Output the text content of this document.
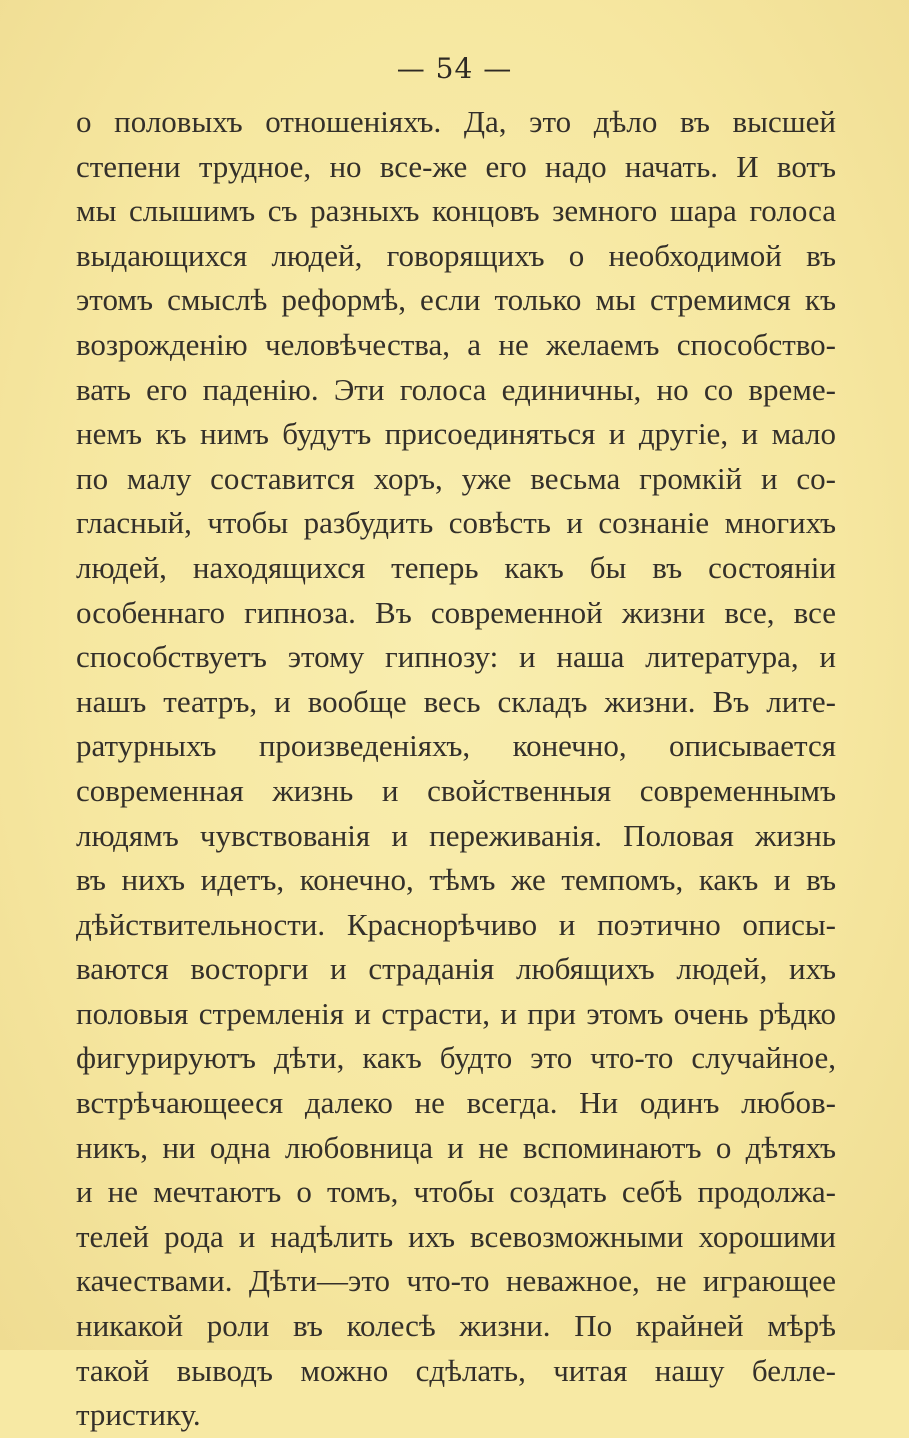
— 54 —
о половыхъ отношеніяхъ. Да, это дѣло въ высшей
степени трудное, но все-же его надо начать. И вотъ
мы слышимъ съ разныхъ концовъ земного шара голоса
выдающихся людей, говорящихъ о необходимой въ
этомъ смыслѣ реформѣ, если только мы стремимся къ
возрожденію человѣчества, а не желаемъ способство-
вать его паденію. Эти голоса единичны, но со време-
немъ къ нимъ будутъ присоединяться и другіе, и мало
по малу составится хоръ, уже весьма громкій и со-
гласный, чтобы разбудить совѣсть и сознаніе многихъ
людей, находящихся теперь какъ бы въ состояніи
особеннаго гипноза. Въ современной жизни все, все
способствуетъ этому гипнозу: и наша литература, и
нашъ театръ, и вообще весь складъ жизни. Въ лите-
ратурныхъ произведеніяхъ, конечно, описывается
современная жизнь и свойственныя современнымъ
людямъ чувствованія и переживанія. Половая жизнь
въ нихъ идетъ, конечно, тѣмъ же темпомъ, какъ и въ
дѣйствительности. Краснорѣчиво и поэтично описы-
ваются восторги и страданія любящихъ людей, ихъ
половыя стремленія и страсти, и при этомъ очень рѣдко
фигурируютъ дѣти, какъ будто это что-то случайное,
встрѣчающееся далеко не всегда. Ни одинъ любов-
никъ, ни одна любовница и не вспоминаютъ о дѣтяхъ
и не мечтаютъ о томъ, чтобы создать себѣ продолжа-
телей рода и надѣлить ихъ всевозможными хорошими
качествами. Дѣти—это что-то неважное, не играющее
никакой роли въ колесѣ жизни. По крайней мѣрѣ
такой выводъ можно сдѣлать, читая нашу белле-
тристику.
